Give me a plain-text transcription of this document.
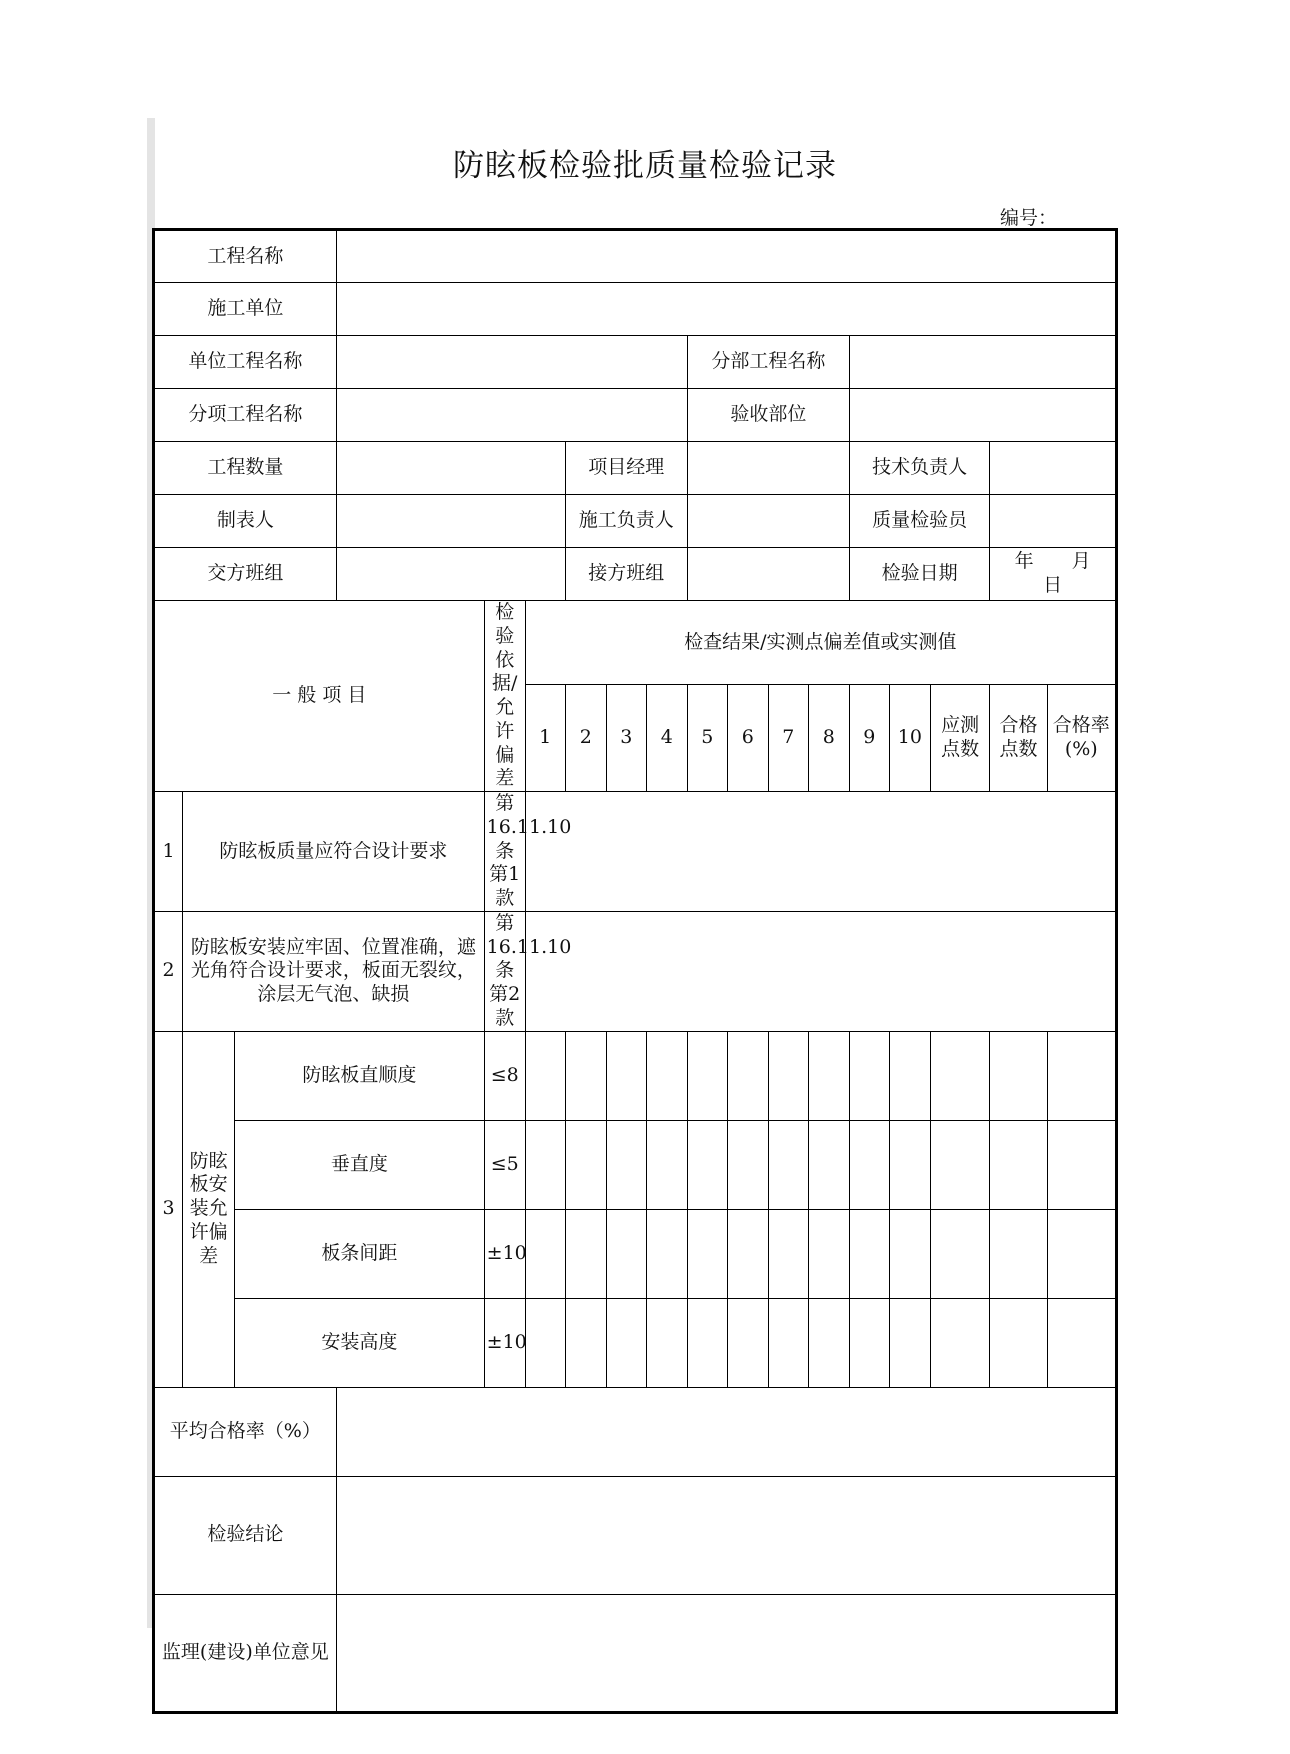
防眩板检验批质量检验记录
编号：
工程名称																	
施工单位																	
单位工程名称									分部工程名称								
分项工程名称									验收部位								
工程数量						项目经理							技术负责人				
制表人						施工负责人							质量检验员				
交方班组						接方班组							检验日期			年　　月　　日	
一 般 项 目				检验依据/允许偏差	检查结果/实测点偏差值或实测值												
					1	2	3	4	5	6	7	8	9	10	应测点数	合格点数	合格率(%)
1	防眩板质量应符合设计要求			第16.11.10条第1款													
2	防眩板安装应牢固、位置准确，遮光角符合设计要求，板面无裂纹，涂层无气泡、缺损			第16.11.10条第2款													
3	防眩板安装允许偏差	防眩板直顺度		≤8													
		垂直度		≤5													
		板条间距		±10													
		安装高度		±10													
平均合格率（%）																	
检验结论																	
监理(建设)单位意见																	
